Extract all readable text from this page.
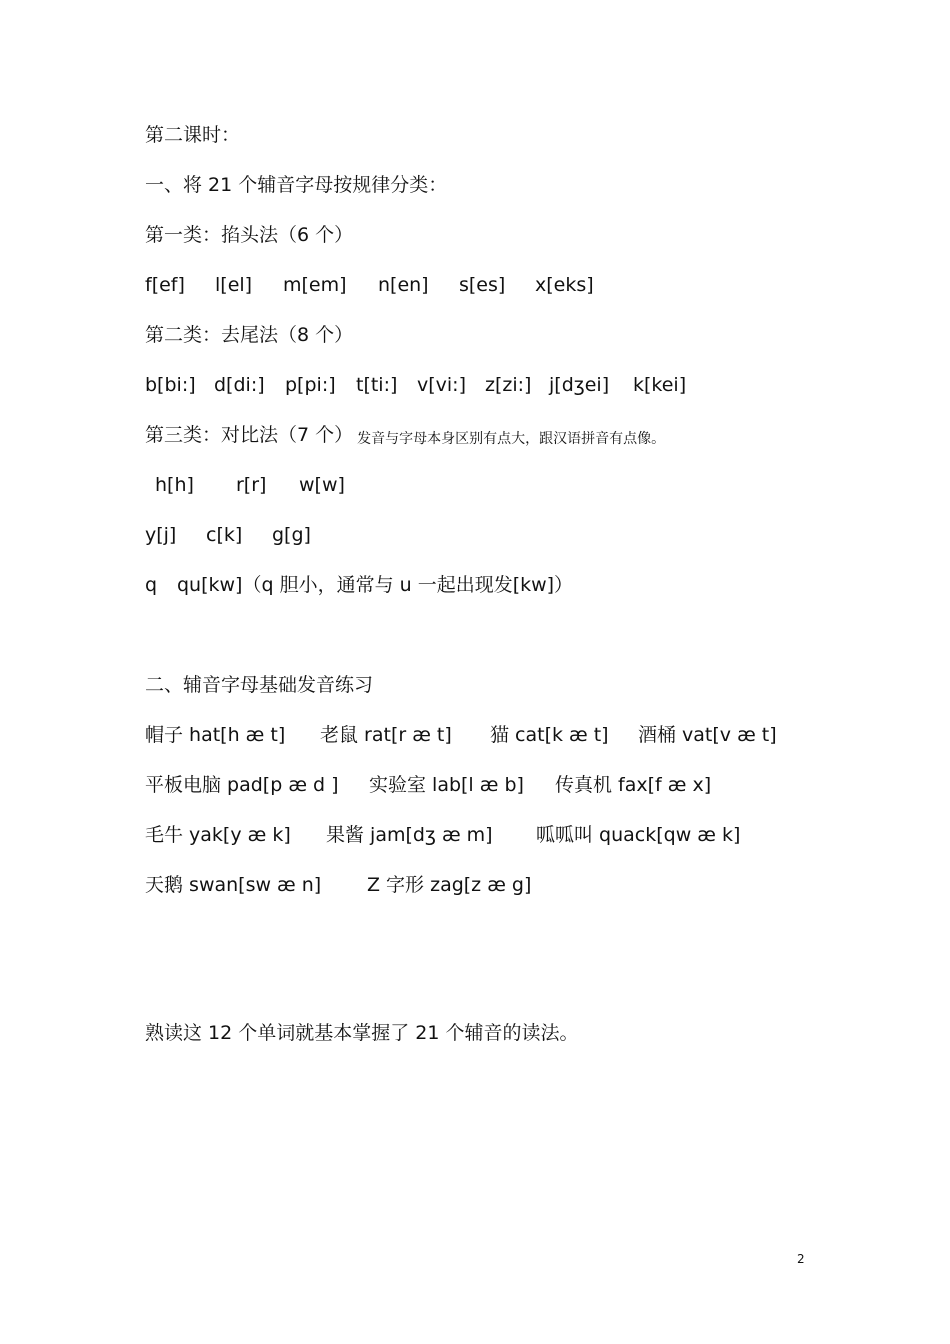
第二课时：
一、将 21 个辅音字母按规律分类：
第一类：掐头法（6 个）
f[ef] l[el] m[em] n[en] s[es] x[eks]
第二类：去尾法（8 个）
b[bi:] d[di:] p[pi:] t[ti:] v[vi:] z[zi:] j[dʒei] k[kei]
第三类：对比法（7 个） 发音与字母本身区别有点大，跟汉语拼音有点像。
h[h] r[r] w[w]
y[j] c[k] g[g]
q qu[kw]（q 胆小，通常与 u 一起出现发[kw]）
二、辅音字母基础发音练习
帽子 hat[h æ t] 老鼠 rat[r æ t] 猫 cat[k æ t] 酒桶 vat[v æ t]
平板电脑 pad[p æ d ] 实验室 lab[l æ b] 传真机 fax[f æ x]
毛牛 yak[y æ k] 果酱 jam[dʒ æ m] 呱呱叫 quack[qw æ k]
天鹅 swan[sw æ n] Z 字形 zag[z æ g]
熟读这 12 个单词就基本掌握了 21 个辅音的读法。
2
